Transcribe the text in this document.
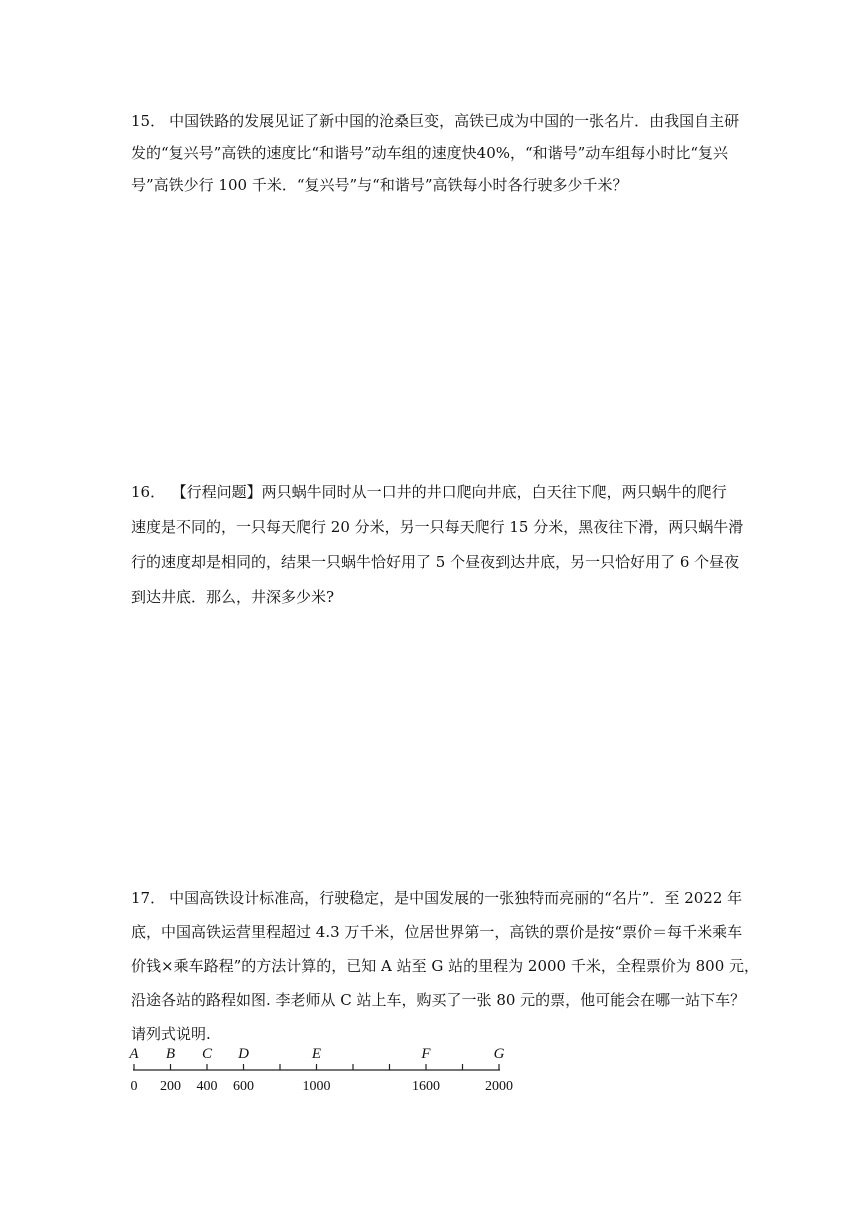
15． 中国铁路的发展见证了新中国的沧桑巨变，高铁已成为中国的一张名片．由我国自主研
发的“复兴号”高铁的速度比“和谐号”动车组的速度快40%，“和谐号”动车组每小时比“复兴
号”高铁少行 100 千米．“复兴号”与“和谐号”高铁每小时各行驶多少千米？
16． 【行程问题】两只蜗牛同时从一口井的井口爬向井底，白天往下爬，两只蜗牛的爬行
速度是不同的，一只每天爬行 20 分米，另一只每天爬行 15 分米，黑夜往下滑，两只蜗牛滑
行的速度却是相同的，结果一只蜗牛恰好用了 5 个昼夜到达井底，另一只恰好用了 6 个昼夜
到达井底．那么，井深多少米?
17． 中国高铁设计标准高，行驶稳定，是中国发展的一张独特而亮丽的“名片”．至 2022 年
底，中国高铁运营里程超过 4.3 万千米，位居世界第一，高铁的票价是按“票价＝每千米乘车
价钱×乘车路程”的方法计算的，已知 A 站至 G 站的里程为 2000 千米，全程票价为 800 元，
沿途各站的路程如图. 李老师从 C 站上车，购买了一张 80 元的票，他可能会在哪一站下车？
请列式说明.
A B C D	E	F	G
0 200 400 600	1000	1600	2000
